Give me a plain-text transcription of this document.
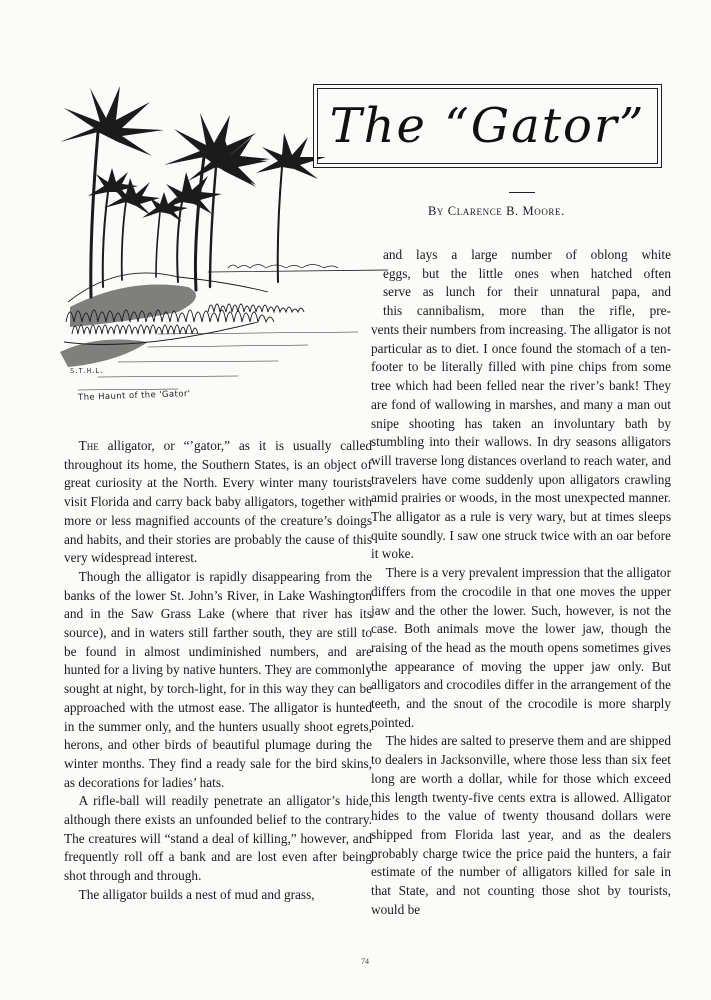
S.T.H.L.
The Haunt of the 'Gator'
The “Gator”
By Clarence B. Moore.
and lays a large number of oblong white
eggs, but the little ones when hatched often
serve as lunch for their unnatural papa, and
this cannibalism, more than the rifle, pre-

vents their numbers from increasing. The alligator is not particular as to diet. I once found the stomach of a ten-footer to be literally filled with pine chips from some tree which had been felled near the river’s bank! They are fond of wallowing in marshes, and many a man out snipe shooting has taken an involuntary bath by stumbling into their wallows. In dry seasons alligators will traverse long distances overland to reach water, and travelers have come suddenly upon alligators crawling amid prairies or woods, in the most unexpected manner. The alligator as a rule is very wary, but at times sleeps quite soundly. I saw one struck twice with an oar before it woke.

There is a very prevalent impression that the alligator differs from the crocodile in that one moves the upper jaw and the other the lower. Such, however, is not the case. Both animals move the lower jaw, though the raising of the head as the mouth opens sometimes gives the appearance of moving the upper jaw only. But alligators and crocodiles differ in the arrangement of the teeth, and the snout of the crocodile is more sharply pointed.

The hides are salted to preserve them and are shipped to dealers in Jacksonville, where those less than six feet long are worth a dollar, while for those which exceed this length twenty-five cents extra is allowed. Alligator hides to the value of twenty thousand dollars were shipped from Florida last year, and as the dealers probably charge twice the price paid the hunters, a fair estimate of the number of alligators killed for sale in that State, and not counting those shot by tourists, would be

The alligator, or “’gator,” as it is usually called throughout its home, the Southern States, is an object of great curiosity at the North. Every winter many tourists visit Florida and carry back baby alligators, together with more or less magnified accounts of the creature’s doings and habits, and their stories are probably the cause of this very widespread interest.

Though the alligator is rapidly disappearing from the banks of the lower St. John’s River, in Lake Washington and in the Saw Grass Lake (where that river has its source), and in waters still farther south, they are still to be found in almost undiminished numbers, and are hunted for a living by native hunters. They are commonly sought at night, by torch-light, for in this way they can be approached with the utmost ease. The alligator is hunted in the summer only, and the hunters usually shoot egrets, herons, and other birds of beautiful plumage during the winter months. They find a ready sale for the bird skins, as decorations for ladies’ hats.

A rifle-ball will readily penetrate an alligator’s hide, although there exists an unfounded belief to the contrary. The creatures will “stand a deal of killing,” however, and frequently roll off a bank and are lost even after being shot through and through.

The alligator builds a nest of mud and grass,

74
